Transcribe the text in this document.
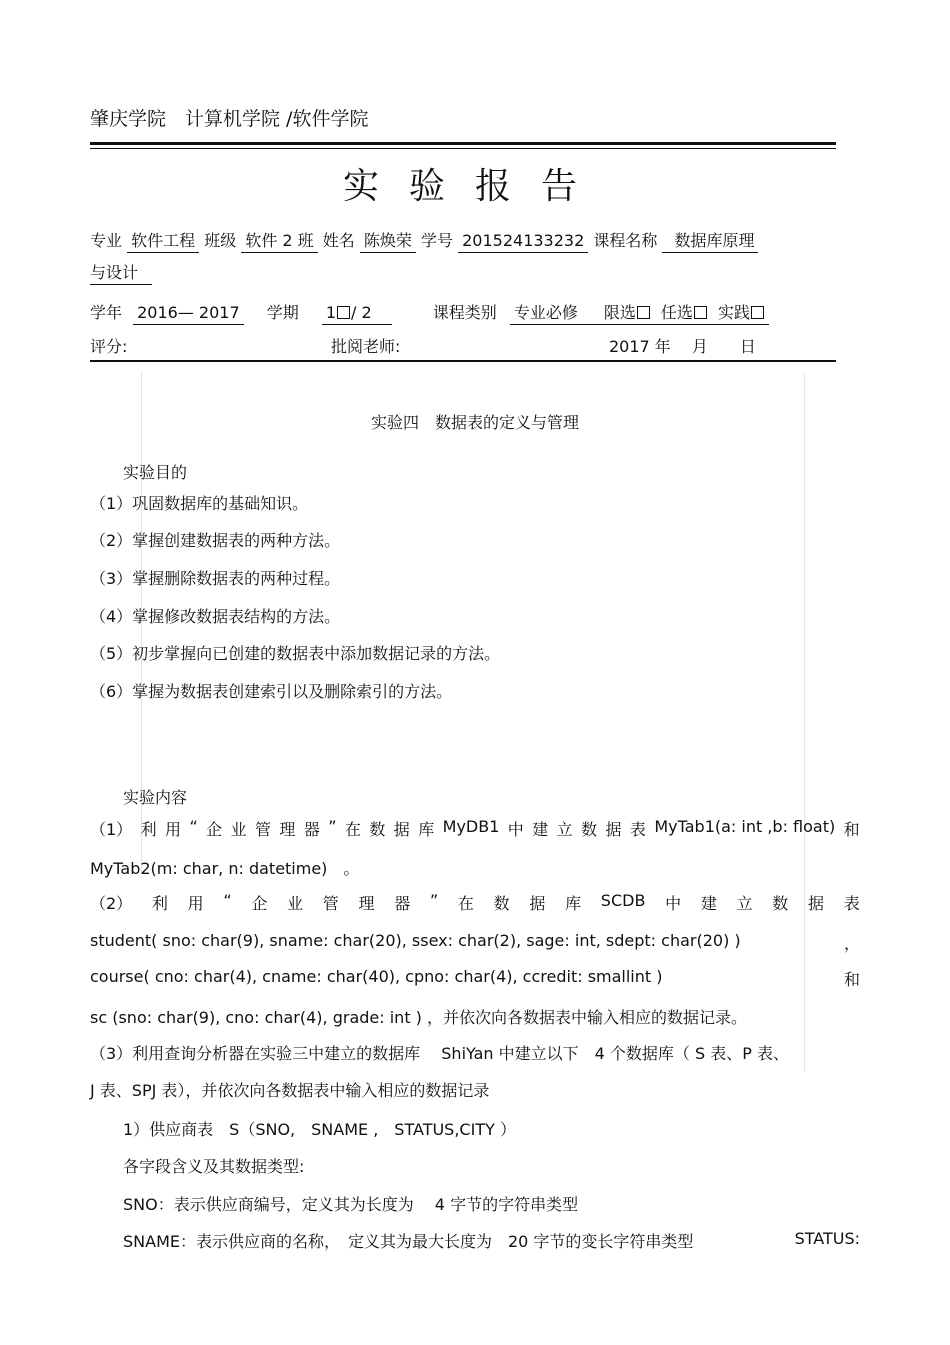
肇庆学院　计算机学院 /软件学院
实验报告
专业 软件工程 班级 软件 2 班 姓名 陈焕荣 学号 201524133232 课程名称 数据库原理
与设计
学年 2016— 2017 学期 1 / 2	课程类别 专业必修 限选 任选 实践
评分:	批阅老师:	2017 年　 月　　日
实验四　数据表的定义与管理
实验目的
（1）巩固数据库的基础知识。
（2）掌握创建数据表的两种方法。
（3）掌握删除数据表的两种过程。
（4）掌握修改数据表结构的方法。
（5）初步掌握向已创建的数据表中添加数据记录的方法。
（6）掌握为数据表创建索引以及删除索引的方法。
实验内容
（1） 利 用 “ 企 业 管 理 器 ” 在 数 据 库 MyDB1 中 建 立 数 据 表 MyTab1(a: int ,b: float) 和
MyTab2(m: char, n: datetime)　。
（2） 利 用 “ 企 业 管 理 器 ” 在 数 据 库 SCDB 中 建 立 数 据 表
student( sno: char(9), sname: char(20), ssex: char(2), sage: int, sdept: char(20) )	，
course( cno: char(4), cname: char(40), cpno: char(4), ccredit: smallint )	和
sc (sno: char(9), cno: char(4), grade: int ) ，并依次向各数据表中输入相应的数据记录。
（3）利用查询分析器在实验三中建立的数据库　 ShiYan 中建立以下　4 个数据库（ S 表、P 表、
J 表、SPJ 表），并依次向各数据表中输入相应的数据记录
1）供应商表　S（SNO,　SNAME ,　STATUS,CITY ）
各字段含义及其数据类型:
SNO：表示供应商编号，定义其为长度为　 4 字节的字符串类型
SNAME：表示供应商的名称，　定义其为最大长度为　20 字节的变长字符串类型	STATUS:
